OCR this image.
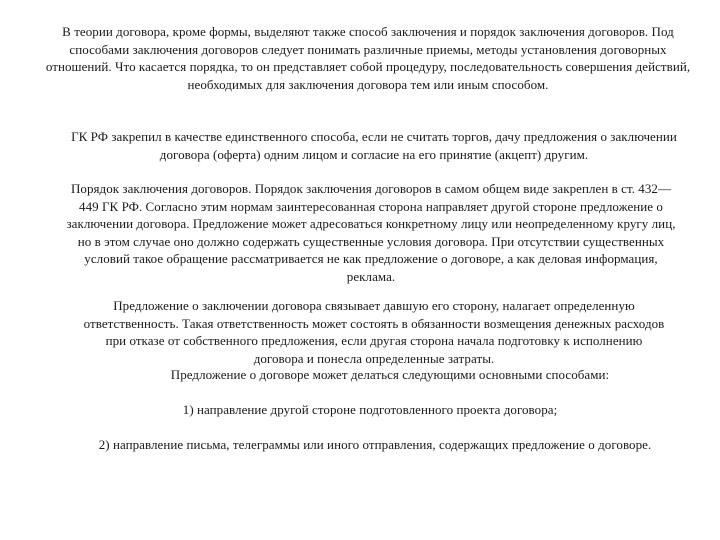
В теории договора, кроме формы, выделяют также способ заключения и порядок заключения договоров. Под способами заключения договоров следует понимать различные приемы, методы установления договорных отношений. Что касается порядка, то он представляет собой процедуру, последовательность совершения действий, необходимых для заключения договора тем или иным способом.

ГК РФ закрепил в качестве единственного способа, если не считать торгов, дачу предложения о заключении договора (оферта) одним лицом и согласие на его принятие (акцепт) другим.

Порядок заключения договоров. Порядок заключения договоров в самом общем виде закреплен в ст. 432—449 ГК РФ. Согласно этим нормам заинтересованная сторона направляет другой стороне предложение о заключении договора. Предложение может адресоваться конкретному лицу или неопределенному кругу лиц, но в этом случае оно должно содержать существенные условия договора. При отсутствии существенных условий такое обращение рассматривается не как предложение о договоре, а как деловая информация, реклама.

Предложение о заключении договора связывает давшую его сторону, налагает определенную ответственность. Такая ответственность может состоять в обязанности возмещения денежных расходов при отказе от собственного предложения, если другая сторона начала подготовку к исполнению договора и понесла определенные затраты.

Предложение о договоре может делаться следующими основными способами:

1) направление другой стороне подготовленного проекта договора;

2) направление письма, телеграммы или иного отправления, содержащих предложение о договоре.
